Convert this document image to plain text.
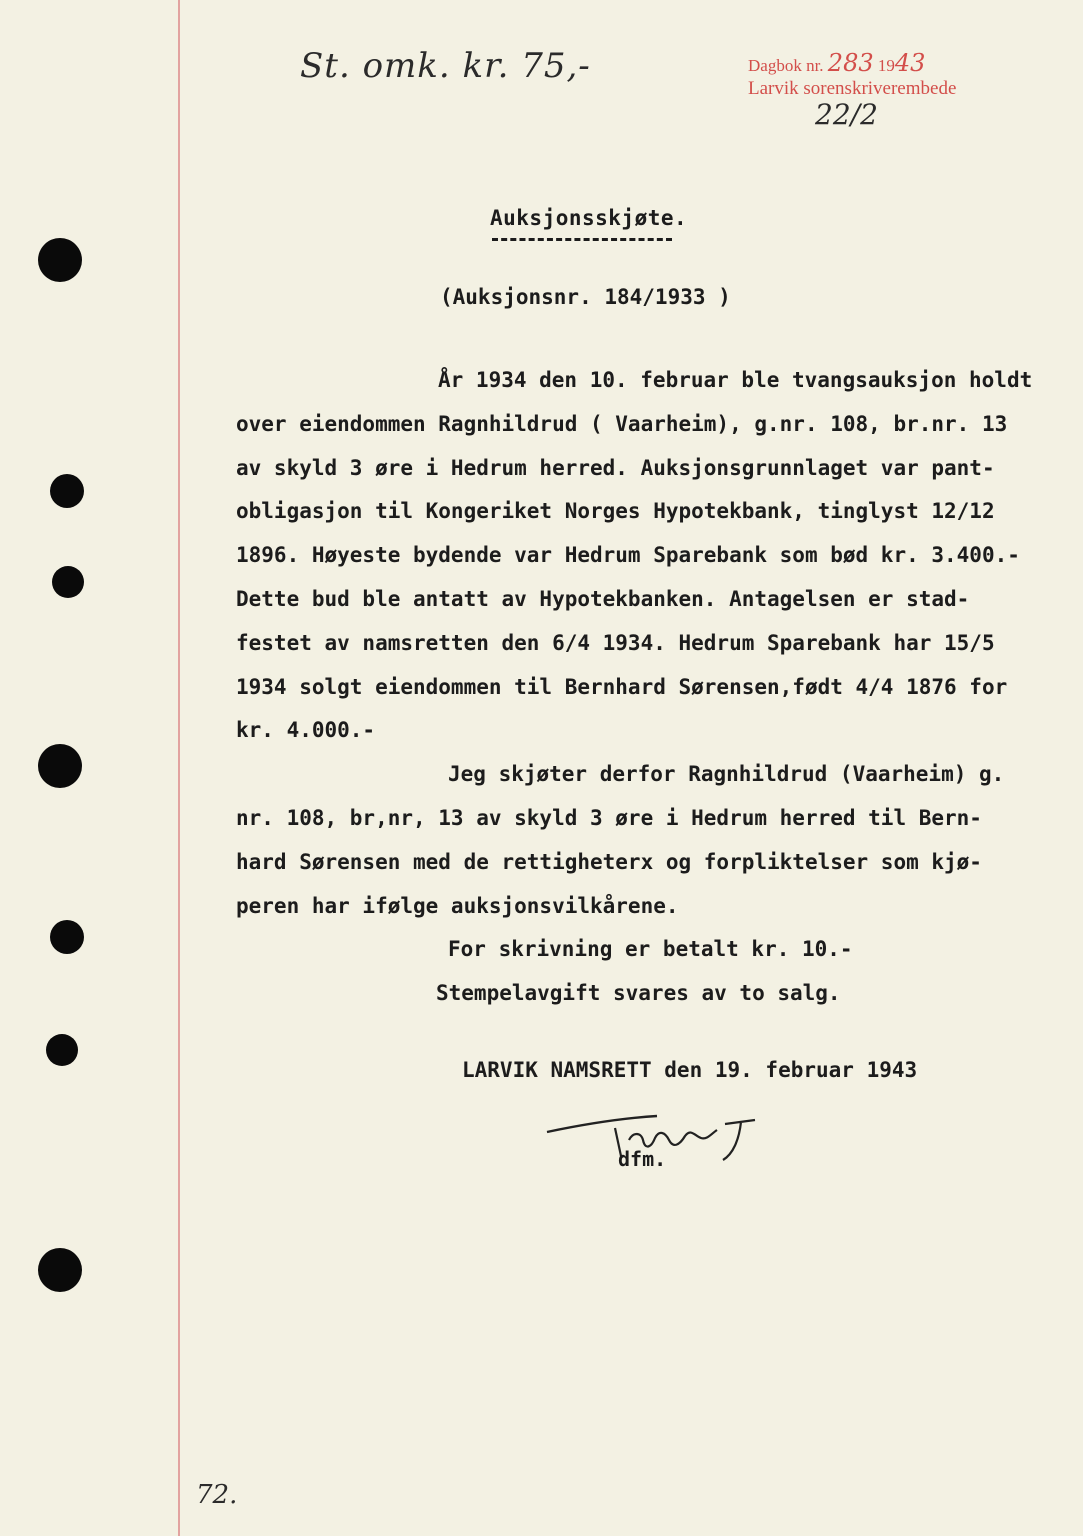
St. omk. kr. 75,-	Dagbok nr. 283 1943
Larvik sorenskriverembede
22/2
Auksjonsskjøte.
(Auksjonsnr. 184/1933 )
År 1934 den 10. februar ble tvangsauksjon holdt
over eiendommen Ragnhildrud ( Vaarheim), g.nr. 108, br.nr. 13
av skyld 3 øre i Hedrum herred. Auksjonsgrunnlaget var pant-
obligasjon til Kongeriket Norges Hypotekbank, tinglyst 12/12
1896. Høyeste bydende var Hedrum Sparebank som bød kr. 3.400.-
Dette bud ble antatt av Hypotekbanken. Antagelsen er stad-
festet av namsretten den 6/4 1934. Hedrum Sparebank har 15/5
1934 solgt eiendommen til Bernhard Sørensen,født 4/4 1876 for
kr. 4.000.-
Jeg skjøter derfor Ragnhildrud (Vaarheim) g.
nr. 108, br,nr, 13 av skyld 3 øre i Hedrum herred til Bern-
hard Sørensen med de rettigheterx og forpliktelser som kjø-
peren har ifølge auksjonsvilkårene.
For skrivning er betalt kr. 10.-
Stempelavgift svares av to salg.
LARVIK NAMSRETT den 19. februar 1943
dfm.
72.
